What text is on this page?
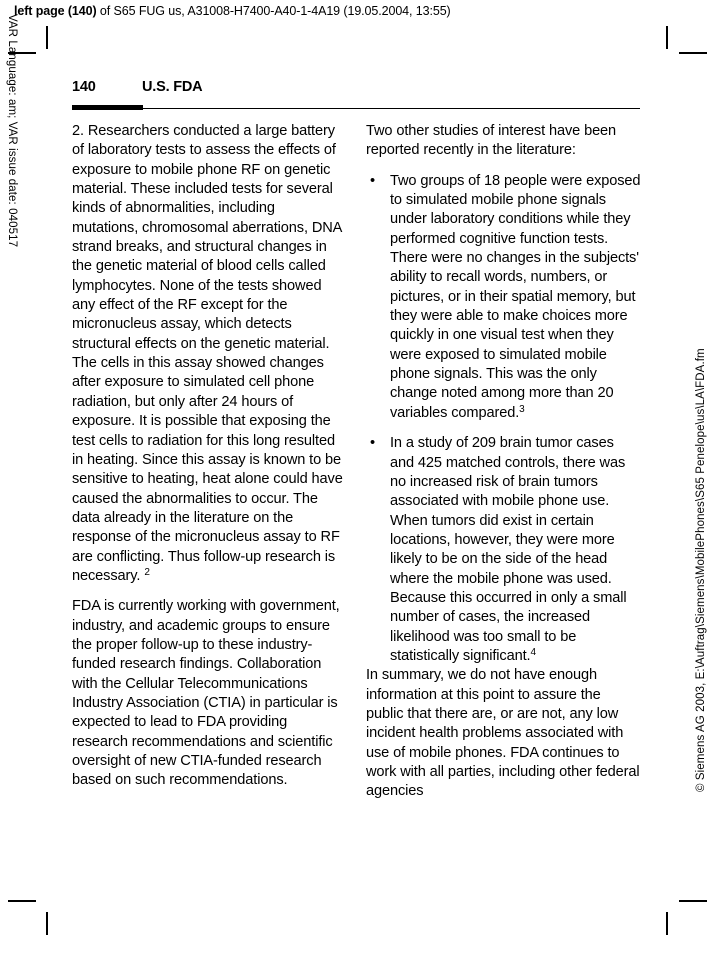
left page (140) of S65 FUG us, A31008-H7400-A40-1-4A19 (19.05.2004, 13:55)
VAR Language: am; VAR issue date: 040517
© Siemens AG 2003, E:\Auftrag\Siemens\MobilePhones\S65 Penelope\us\LA\FDA.fm
140	U.S. FDA

2. Researchers conducted a large battery of laboratory tests to assess the effects of exposure to mobile phone RF on genetic material. These included tests for several kinds of abnormalities, including mutations, chromosomal aberrations, DNA strand breaks, and structural changes in the genetic material of blood cells called lymphocytes. None of the tests showed any effect of the RF except for the micronucleus assay, which detects structural effects on the genetic material. The cells in this assay showed changes after exposure to simulated cell phone radiation, but only after 24 hours of exposure. It is possible that exposing the test cells to radiation for this long resulted in heating. Since this assay is known to be sensitive to heating, heat alone could have caused the abnormalities to occur. The data already in the literature on the response of the micronucleus assay to RF are conflicting. Thus follow-up research is necessary. $^2$

FDA is currently working with government, industry, and academic groups to ensure the proper follow-up to these industry-funded research findings. Collaboration with the Cellular Telecommunications Industry Association (CTIA) in particular is expected to lead to FDA providing research recommendations and scientific oversight of new CTIA-funded research based on such recommendations.

Two other studies of interest have been reported recently in the literature:

• Two groups of 18 people were exposed to simulated mobile phone signals under laboratory conditions while they performed cognitive function tests. There were no changes in the subjects' ability to recall words, numbers, or pictures, or in their spatial memory, but they were able to make choices more quickly in one visual test when they were exposed to simulated mobile phone signals. This was the only change noted among more than 20 variables compared.$^3$
• In a study of 209 brain tumor cases and 425 matched controls, there was no increased risk of brain tumors associated with mobile phone use. When tumors did exist in certain locations, however, they were more likely to be on the side of the head where the mobile phone was used. Because this occurred in only a small number of cases, the increased likelihood was too small to be statistically significant.$^4$

In summary, we do not have enough information at this point to assure the public that there are, or are not, any low incident health problems associated with use of mobile phones. FDA continues to work with all parties, including other federal agencies
